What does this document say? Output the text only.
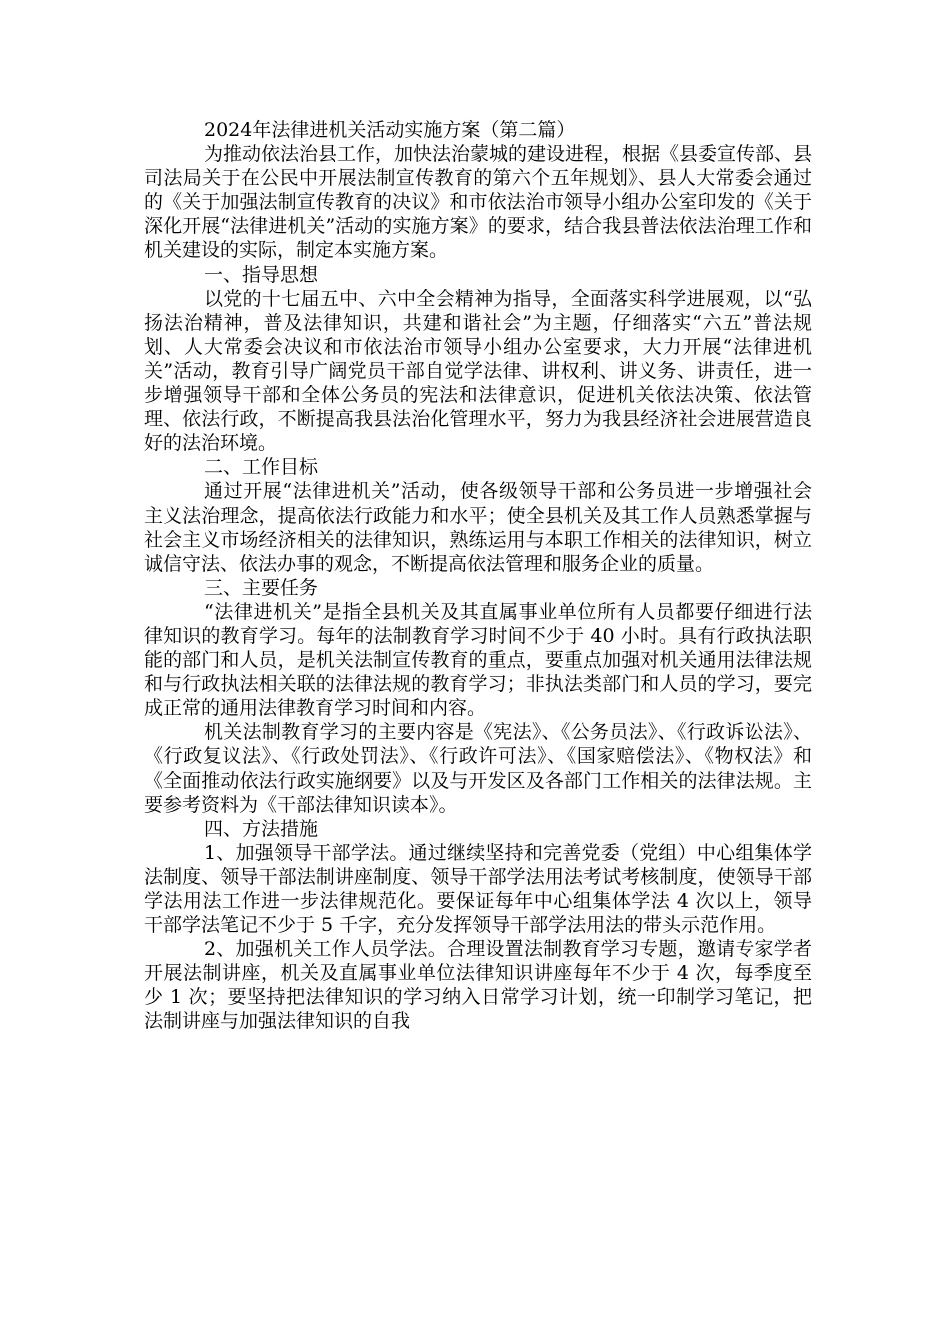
2024年法律进机关活动实施方案（第二篇）

为推动依法治县工作，加快法治蒙城的建设进程，根据《县委宣传部、县司法局关于在公民中开展法制宣传教育的第六个五年规划》、县人大常委会通过的《关于加强法制宣传教育的决议》和市依法治市领导小组办公室印发的《关于深化开展“法律进机关”活动的实施方案》的要求，结合我县普法依法治理工作和机关建设的实际，制定本实施方案。

一、指导思想

以党的十七届五中、六中全会精神为指导，全面落实科学进展观，以“弘扬法治精神，普及法律知识，共建和谐社会”为主题，仔细落实“六五”普法规划、人大常委会决议和市依法治市领导小组办公室要求，大力开展“法律进机关”活动，教育引导广阔党员干部自觉学法律、讲权利、讲义务、讲责任，进一步增强领导干部和全体公务员的宪法和法律意识，促进机关依法决策、依法管理、依法行政，不断提高我县法治化管理水平，努力为我县经济社会进展营造良好的法治环境。

二、工作目标

通过开展“法律进机关”活动，使各级领导干部和公务员进一步增强社会主义法治理念，提高依法行政能力和水平；使全县机关及其工作人员熟悉掌握与社会主义市场经济相关的法律知识，熟练运用与本职工作相关的法律知识，树立诚信守法、依法办事的观念，不断提高依法管理和服务企业的质量。

三、主要任务

“法律进机关”是指全县机关及其直属事业单位所有人员都要仔细进行法律知识的教育学习。每年的法制教育学习时间不少于 40 小时。具有行政执法职能的部门和人员，是机关法制宣传教育的重点，要重点加强对机关通用法律法规和与行政执法相关联的法律法规的教育学习；非执法类部门和人员的学习，要完成正常的通用法律教育学习时间和内容。

机关法制教育学习的主要内容是《宪法》、《公务员法》、《行政诉讼法》、《行政复议法》、《行政处罚法》、《行政许可法》、《国家赔偿法》、《物权法》和《全面推动依法行政实施纲要》以及与开发区及各部门工作相关的法律法规。主要参考资料为《干部法律知识读本》。

四、方法措施

1、加强领导干部学法。通过继续坚持和完善党委（党组）中心组集体学法制度、领导干部法制讲座制度、领导干部学法用法考试考核制度，使领导干部学法用法工作进一步法律规范化。要保证每年中心组集体学法 4 次以上，领导干部学法笔记不少于 5 千字，充分发挥领导干部学法用法的带头示范作用。

2、加强机关工作人员学法。合理设置法制教育学习专题，邀请专家学者开展法制讲座，机关及直属事业单位法律知识讲座每年不少于 4 次，每季度至少 1 次；要坚持把法律知识的学习纳入日常学习计划，统一印制学习笔记，把法制讲座与加强法律知识的自我
